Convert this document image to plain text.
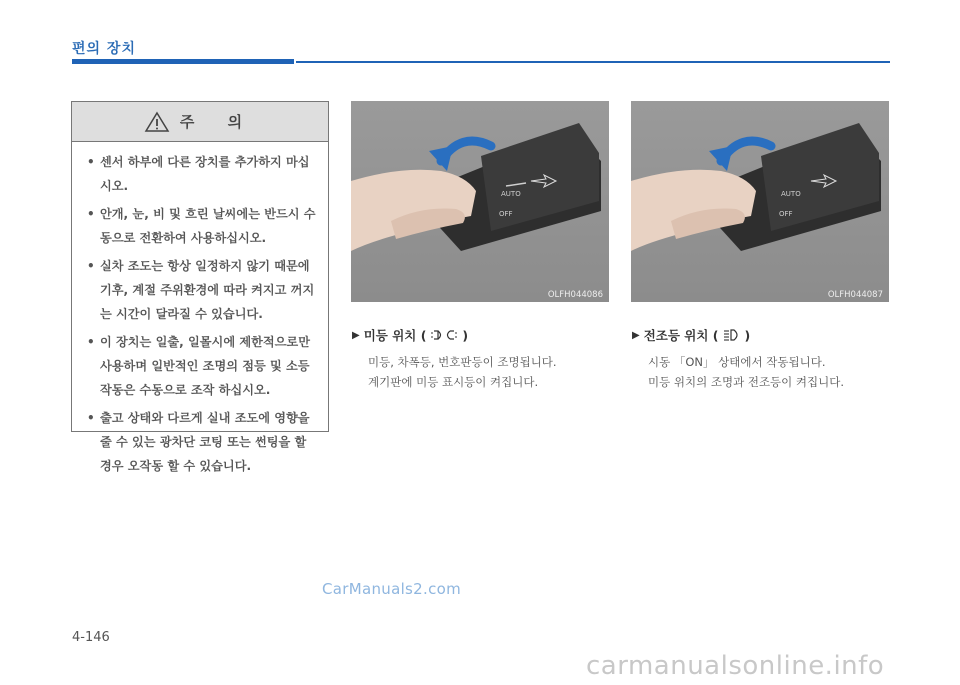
편의 장치
주 의
• 센서 하부에 다른 장치를 추가하지 마십시오.
• 안개, 눈, 비 및 흐린 날씨에는 반드시 수동으로 전환하여 사용하십시오.
• 실차 조도는 항상 일정하지 않기 때문에 기후, 계절 주위환경에 따라 켜지고 꺼지는 시간이 달라질 수 있습니다.
• 이 장치는 일출, 일몰시에 제한적으로만 사용하며 일반적인 조명의 점등 및 소등 작동은 수동으로 조작 하십시오.
• 출고 상태와 다르게 실내 조도에 영향을 줄 수 있는 광차단 코팅 또는 썬팅을 할 경우 오작동 할 수 있습니다.
AUTO
OFF
OLFH044086
AUTO
OFF
OLFH044087
▶ 미등 위치 (	)
미등, 차폭등, 번호판등이 조명됩니다.
계기판에 미등 표시등이 켜집니다.
▶ 전조등 위치 ( )
시동 「ON」 상태에서 작동됩니다.
미등 위치의 조명과 전조등이 켜집니다.
CarManuals2.com
4-146
carmanualsonline.info
